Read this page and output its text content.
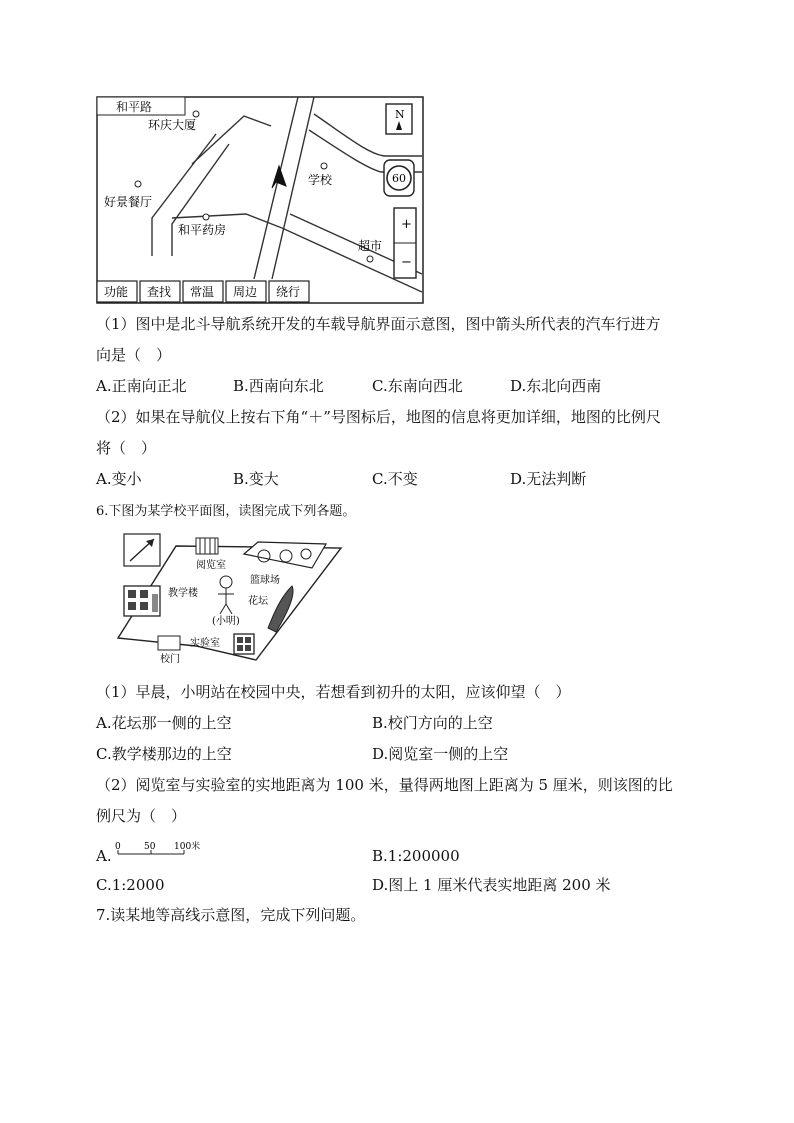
和平路
环庆大厦
学校
好景餐厅
和平药房
超市
N
60
+
−
功能 查找 常温 周边 绕行
（1）图中是北斗导航系统开发的车载导航界面示意图，图中箭头所代表的汽车行进方
向是（　）
A.正南向正北	B.西南向东北	C.东南向西北	D.东北向西南
（2）如果在导航仪上按右下角“＋”号图标后，地图的信息将更加详细，地图的比例尺
将（　）
A.变小	B.变大	C.不变	D.无法判断
6.下图为某学校平面图，读图完成下列各题。
阅览室
篮球场
教学楼
(小明)
花坛
实验室
校门
（1）早晨，小明站在校园中央，若想看到初升的太阳，应该仰望（　）
A.花坛那一侧的上空	B.校门方向的上空
C.教学楼那边的上空	D.阅览室一侧的上空
（2）阅览室与实验室的实地距离为 100 米，量得两地图上距离为 5 厘米，则该图的比
例尺为（　）
A. 0	50 100米	B.1:200000
C.1:2000	D.图上 1 厘米代表实地距离 200 米
7.读某地等高线示意图，完成下列问题。
